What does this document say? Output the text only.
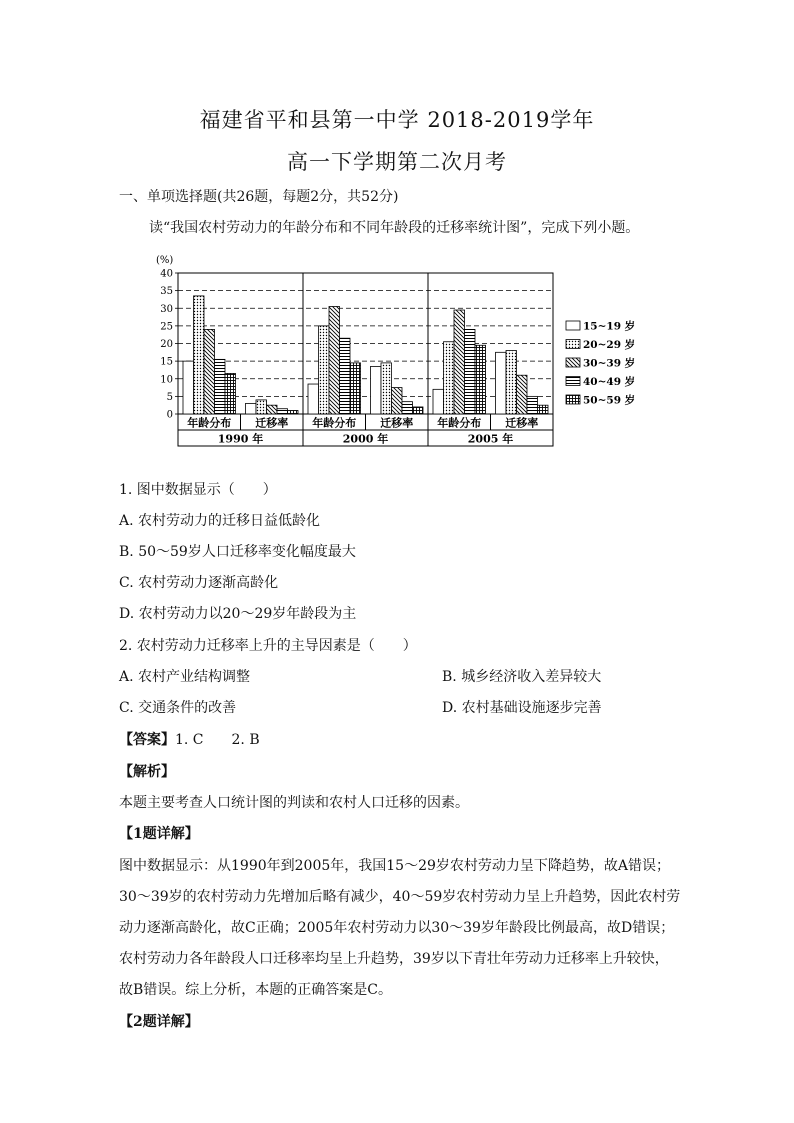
福建省平和县第一中学 2018-2019学年
高一下学期第二次月考
一、单项选择题(共26题，每题2分，共52分)
读“我国农村劳动力的年龄分布和不同年龄段的迁移率统计图”，完成下列小题。
(%)
0
5
10
15
20
25
30
35
40
年龄分布 迁移率 年龄分布 迁移率 年龄分布 迁移率
1990 年	2000 年	2005 年
15~19 岁
20~29 岁
30~39 岁
40~49 岁
50~59 岁
1. 图中数据显示（　　）
A. 农村劳动力的迁移日益低龄化
B. 50～59岁人口迁移率变化幅度最大
C. 农村劳动力逐渐高龄化
D. 农村劳动力以20～29岁年龄段为主
2. 农村劳动力迁移率上升的主导因素是（　　）
A. 农村产业结构调整	B. 城乡经济收入差异较大
C. 交通条件的改善	D. 农村基础设施逐步完善
【答案】1. C　　2. B
【解析】
本题主要考查人口统计图的判读和农村人口迁移的因素。
【1题详解】
图中数据显示：从1990年到2005年，我国15～29岁农村劳动力呈下降趋势，故A错误；
30～39岁的农村劳动力先增加后略有减少，40～59岁农村劳动力呈上升趋势，因此农村劳
动力逐渐高龄化，故C正确；2005年农村劳动力以30～39岁年龄段比例最高，故D错误；
农村劳动力各年龄段人口迁移率均呈上升趋势，39岁以下青壮年劳动力迁移率上升较快，
故B错误。综上分析，本题的正确答案是C。
【2题详解】
